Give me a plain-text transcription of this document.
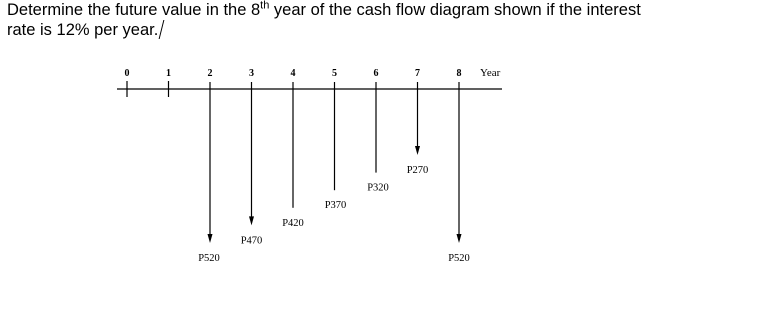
Determine the future value in the 8th year of the cash flow diagram shown if the interest
rate is 12% per year.

0	1	2	3	4	5	6	7	8 Year
P520
P470
P420
P370
P320
P270
P520
